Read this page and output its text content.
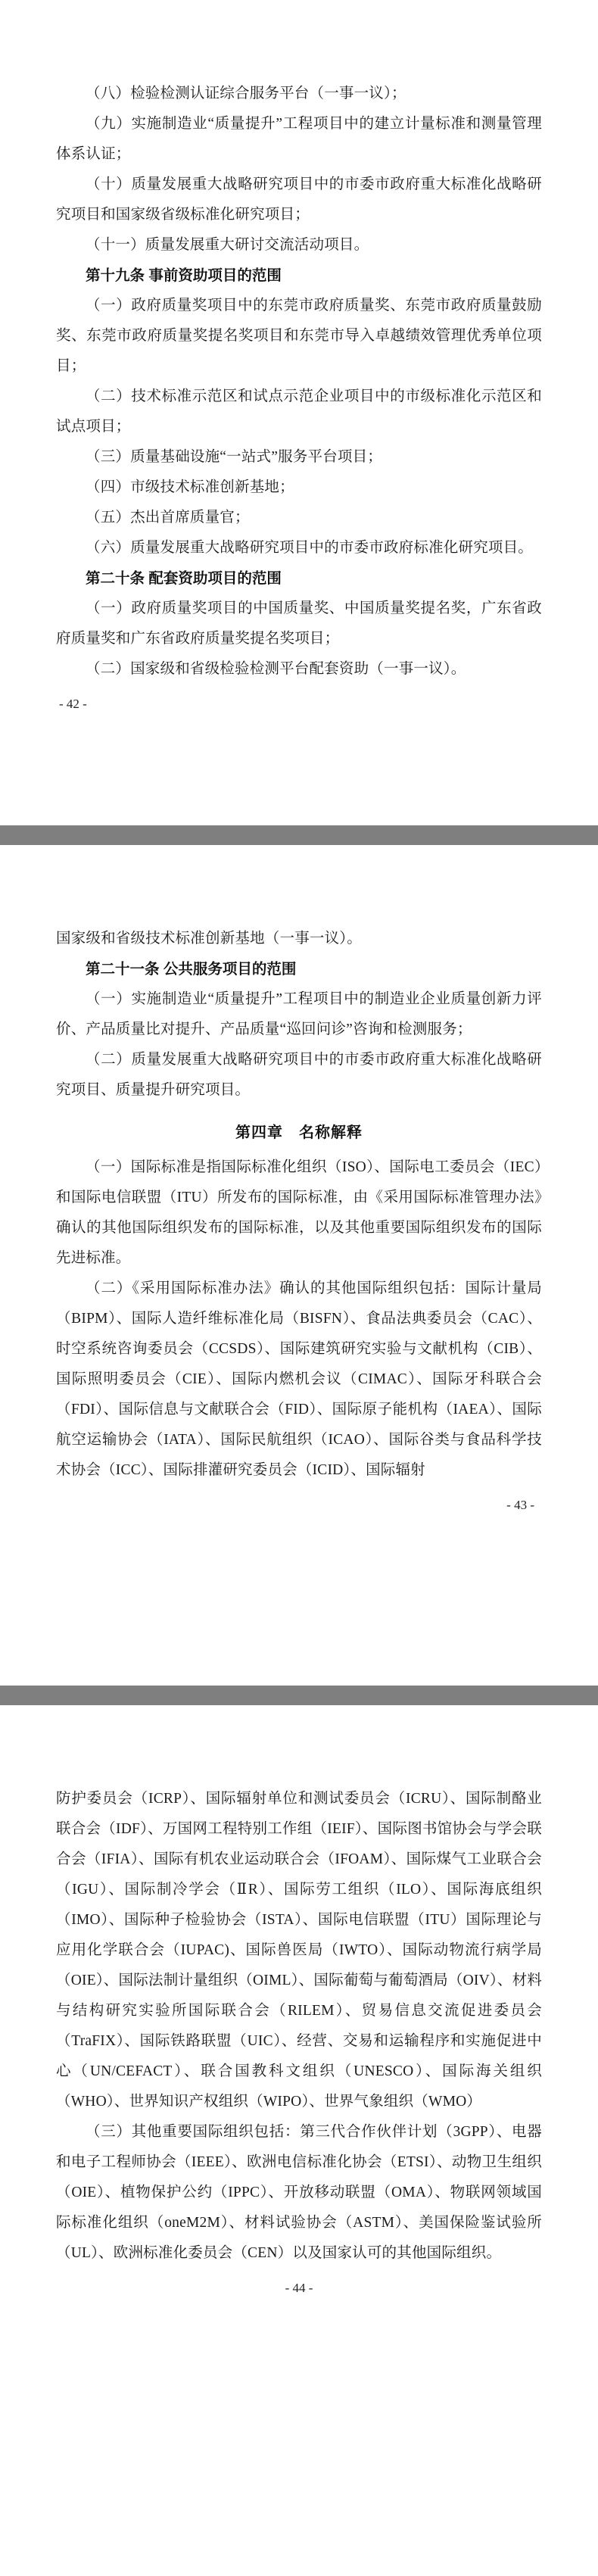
（八）检验检测认证综合服务平台（一事一议）；

（九）实施制造业“质量提升”工程项目中的建立计量标准和测量管理体系认证；

（十）质量发展重大战略研究项目中的市委市政府重大标准化战略研究项目和国家级省级标准化研究项目；

（十一）质量发展重大研讨交流活动项目。

第十九条 事前资助项目的范围

（一）政府质量奖项目中的东莞市政府质量奖、东莞市政府质量鼓励奖、东莞市政府质量奖提名奖项目和东莞市导入卓越绩效管理优秀单位项目；

（二）技术标准示范区和试点示范企业项目中的市级标准化示范区和试点项目；

（三）质量基础设施“一站式”服务平台项目；

（四）市级技术标准创新基地；

（五）杰出首席质量官；

（六）质量发展重大战略研究项目中的市委市政府标准化研究项目。

第二十条 配套资助项目的范围

（一）政府质量奖项目的中国质量奖、中国质量奖提名奖，广东省政府质量奖和广东省政府质量奖提名奖项目；

（二）国家级和省级检验检测平台配套资助（一事一议）。

- 42 -

国家级和省级技术标准创新基地（一事一议）。

第二十一条 公共服务项目的范围

（一）实施制造业“质量提升”工程项目中的制造业企业质量创新力评价、产品质量比对提升、产品质量“巡回问诊”咨询和检测服务；

（二）质量发展重大战略研究项目中的市委市政府重大标准化战略研究项目、质量提升研究项目。

第四章　名称解释

（一）国际标准是指国际标准化组织（ISO）、国际电工委员会（IEC）和国际电信联盟（ITU）所发布的国际标准，由《采用国际标准管理办法》确认的其他国际组织发布的国际标准，以及其他重要国际组织发布的国际先进标准。

（二）《采用国际标准办法》确认的其他国际组织包括：国际计量局（BIPM）、国际人造纤维标准化局（BISFN）、食品法典委员会（CAC）、时空系统咨询委员会（CCSDS）、国际建筑研究实验与文献机构（CIB）、国际照明委员会（CIE）、国际内燃机会议（CIMAC）、国际牙科联合会（FDI）、国际信息与文献联合会（FID）、国际原子能机构（IAEA）、国际航空运输协会（IATA）、国际民航组织（ICAO）、国际谷类与食品科学技术协会（ICC）、国际排灌研究委员会（ICID）、国际辐射

- 43 -

防护委员会（ICRP）、国际辐射单位和测试委员会（ICRU）、国际制酪业联合会（IDF）、万国网工程特别工作组（IEIF）、国际图书馆协会与学会联合会（IFIA）、国际有机农业运动联合会（IFOAM）、国际煤气工业联合会（IGU）、国际制冷学会（ⅡR）、国际劳工组织（ILO）、国际海底组织（IMO）、国际种子检验协会（ISTA）、国际电信联盟（ITU）国际理论与应用化学联合会（IUPAC)、国际兽医局（IWTO）、国际动物流行病学局（OIE）、国际法制计量组织（OIML）、国际葡萄与葡萄酒局（OIV）、材料与结构研究实验所国际联合会（RILEM）、贸易信息交流促进委员会（TraFIX）、国际铁路联盟（UIC）、经营、交易和运输程序和实施促进中心（UN/CEFACT）、联合国教科文组织（UNESCO）、国际海关组织（WHO）、世界知识产权组织（WIPO）、世界气象组织（WMO）

（三）其他重要国际组织包括：第三代合作伙伴计划（3GPP）、电器和电子工程师协会（IEEE）、欧洲电信标准化协会（ETSI）、动物卫生组织（OIE）、植物保护公约（IPPC）、开放移动联盟（OMA）、物联网领域国际标准化组织（oneM2M）、材料试验协会（ASTM）、美国保险鉴试验所（UL）、欧洲标准化委员会（CEN）以及国家认可的其他国际组织。

- 44 -
